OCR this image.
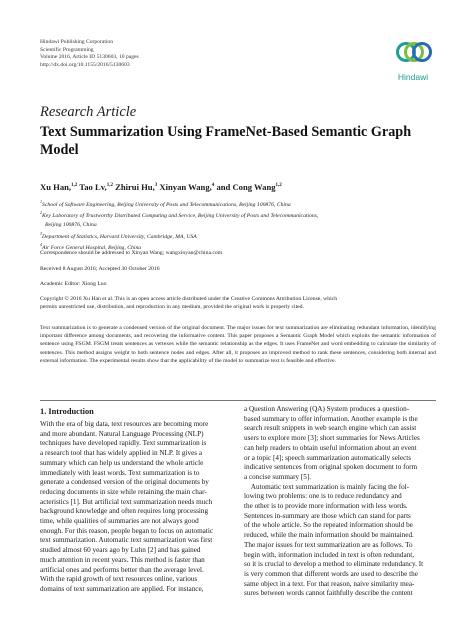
Hindawi Publishing Corporation
Scientific Programming
Volume 2016, Article ID 5130603, 10 pages
http://dx.doi.org/10.1155/2016/5130603
Hindawi
Research Article
Text Summarization Using FrameNet-Based Semantic Graph Model
Xu Han,$^{1,2}$ Tao Lv,$^{1,2}$ Zhirui Hu,$^3$ Xinyan Wang,$^4$ and Cong Wang$^{1,2}$
$^1$School of Software Engineering, Beijing University of Posts and Telecommunications, Beijing 100876, China
$^2$Key Laboratory of Trustworthy Distributed Computing and Service, Beijing University of Posts and Telecommunications,
Beijing 100876, China
$^3$Department of Statistics, Harvard University, Cambridge, MA, USA
$^4$Air Force General Hospital, Beijing, China
Correspondence should be addressed to Xinyan Wang; wangxinyan@china.com
Received 8 August 2016; Accepted 30 October 2016
Academic Editor: Xiong Luo
Copyright © 2016 Xu Han et al. This is an open access article distributed under the Creative Commons Attribution License, which
permits unrestricted use, distribution, and reproduction in any medium, provided the original work is properly cited.
Text summarization is to generate a condensed version of the original document. The major issues for text summarization are eliminating redundant information, identifying important difference among documents, and recovering the informative content. This paper proposes a Semantic Graph Model which exploits the semantic information of sentence using FSGM. FSGM treats sentences as vertexes while the semantic relationship as the edges. It uses FrameNet and word embedding to calculate the similarity of sentences. This method assigns weight to both sentence nodes and edges. After all, it proposes an improved method to rank these sentences, considering both internal and external information. The experimental results show that the applicability of the model to summarize text is feasible and effective.
1. Introduction
With the era of big data, text resources are becoming more
and more abundant. Natural Language Processing (NLP)
techniques have developed rapidly. Text summarization is
a research tool that has widely applied in NLP. It gives a
summary which can help us understand the whole article
immediately with least words. Text summarization is to
generate a condensed version of the original documents by
reducing documents in size while retaining the main char-
acteristics [1]. But artificial text summarization needs much
background knowledge and often requires long processing
time, while qualities of summaries are not always good
enough. For this reason, people began to focus on automatic
text summarization. Automatic text summarization was first
studied almost 60 years ago by Luhn [2] and has gained
much attention in recent years. This method is faster than
artificial ones and performs better than the average level.
With the rapid growth of text resources online, various
domains of text summarization are applied. For instance,
a Question Answering (QA) System produces a question-
based summary to offer information. Another example is the
search result snippets in web search engine which can assist
users to explore more [3]; short summaries for News Articles
can help readers to obtain useful information about an event
or a topic [4]; speech summarization automatically selects
indicative sentences from original spoken document to form
a concise summary [5].
Automatic text summarization is mainly facing the fol-
lowing two problems: one is to reduce redundancy and
the other is to provide more information with less words.
Sentences in-summary are those which can stand for parts
of the whole article. So the repeated information should be
reduced, while the main information should be maintained.
The major issues for text summarization are as follows. To
begin with, information included in text is often redundant,
so it is crucial to develop a method to eliminate redundancy. It
is very common that different words are used to describe the
same object in a text. For that reason, naive similarity mea-
sures between words cannot faithfully describe the content
